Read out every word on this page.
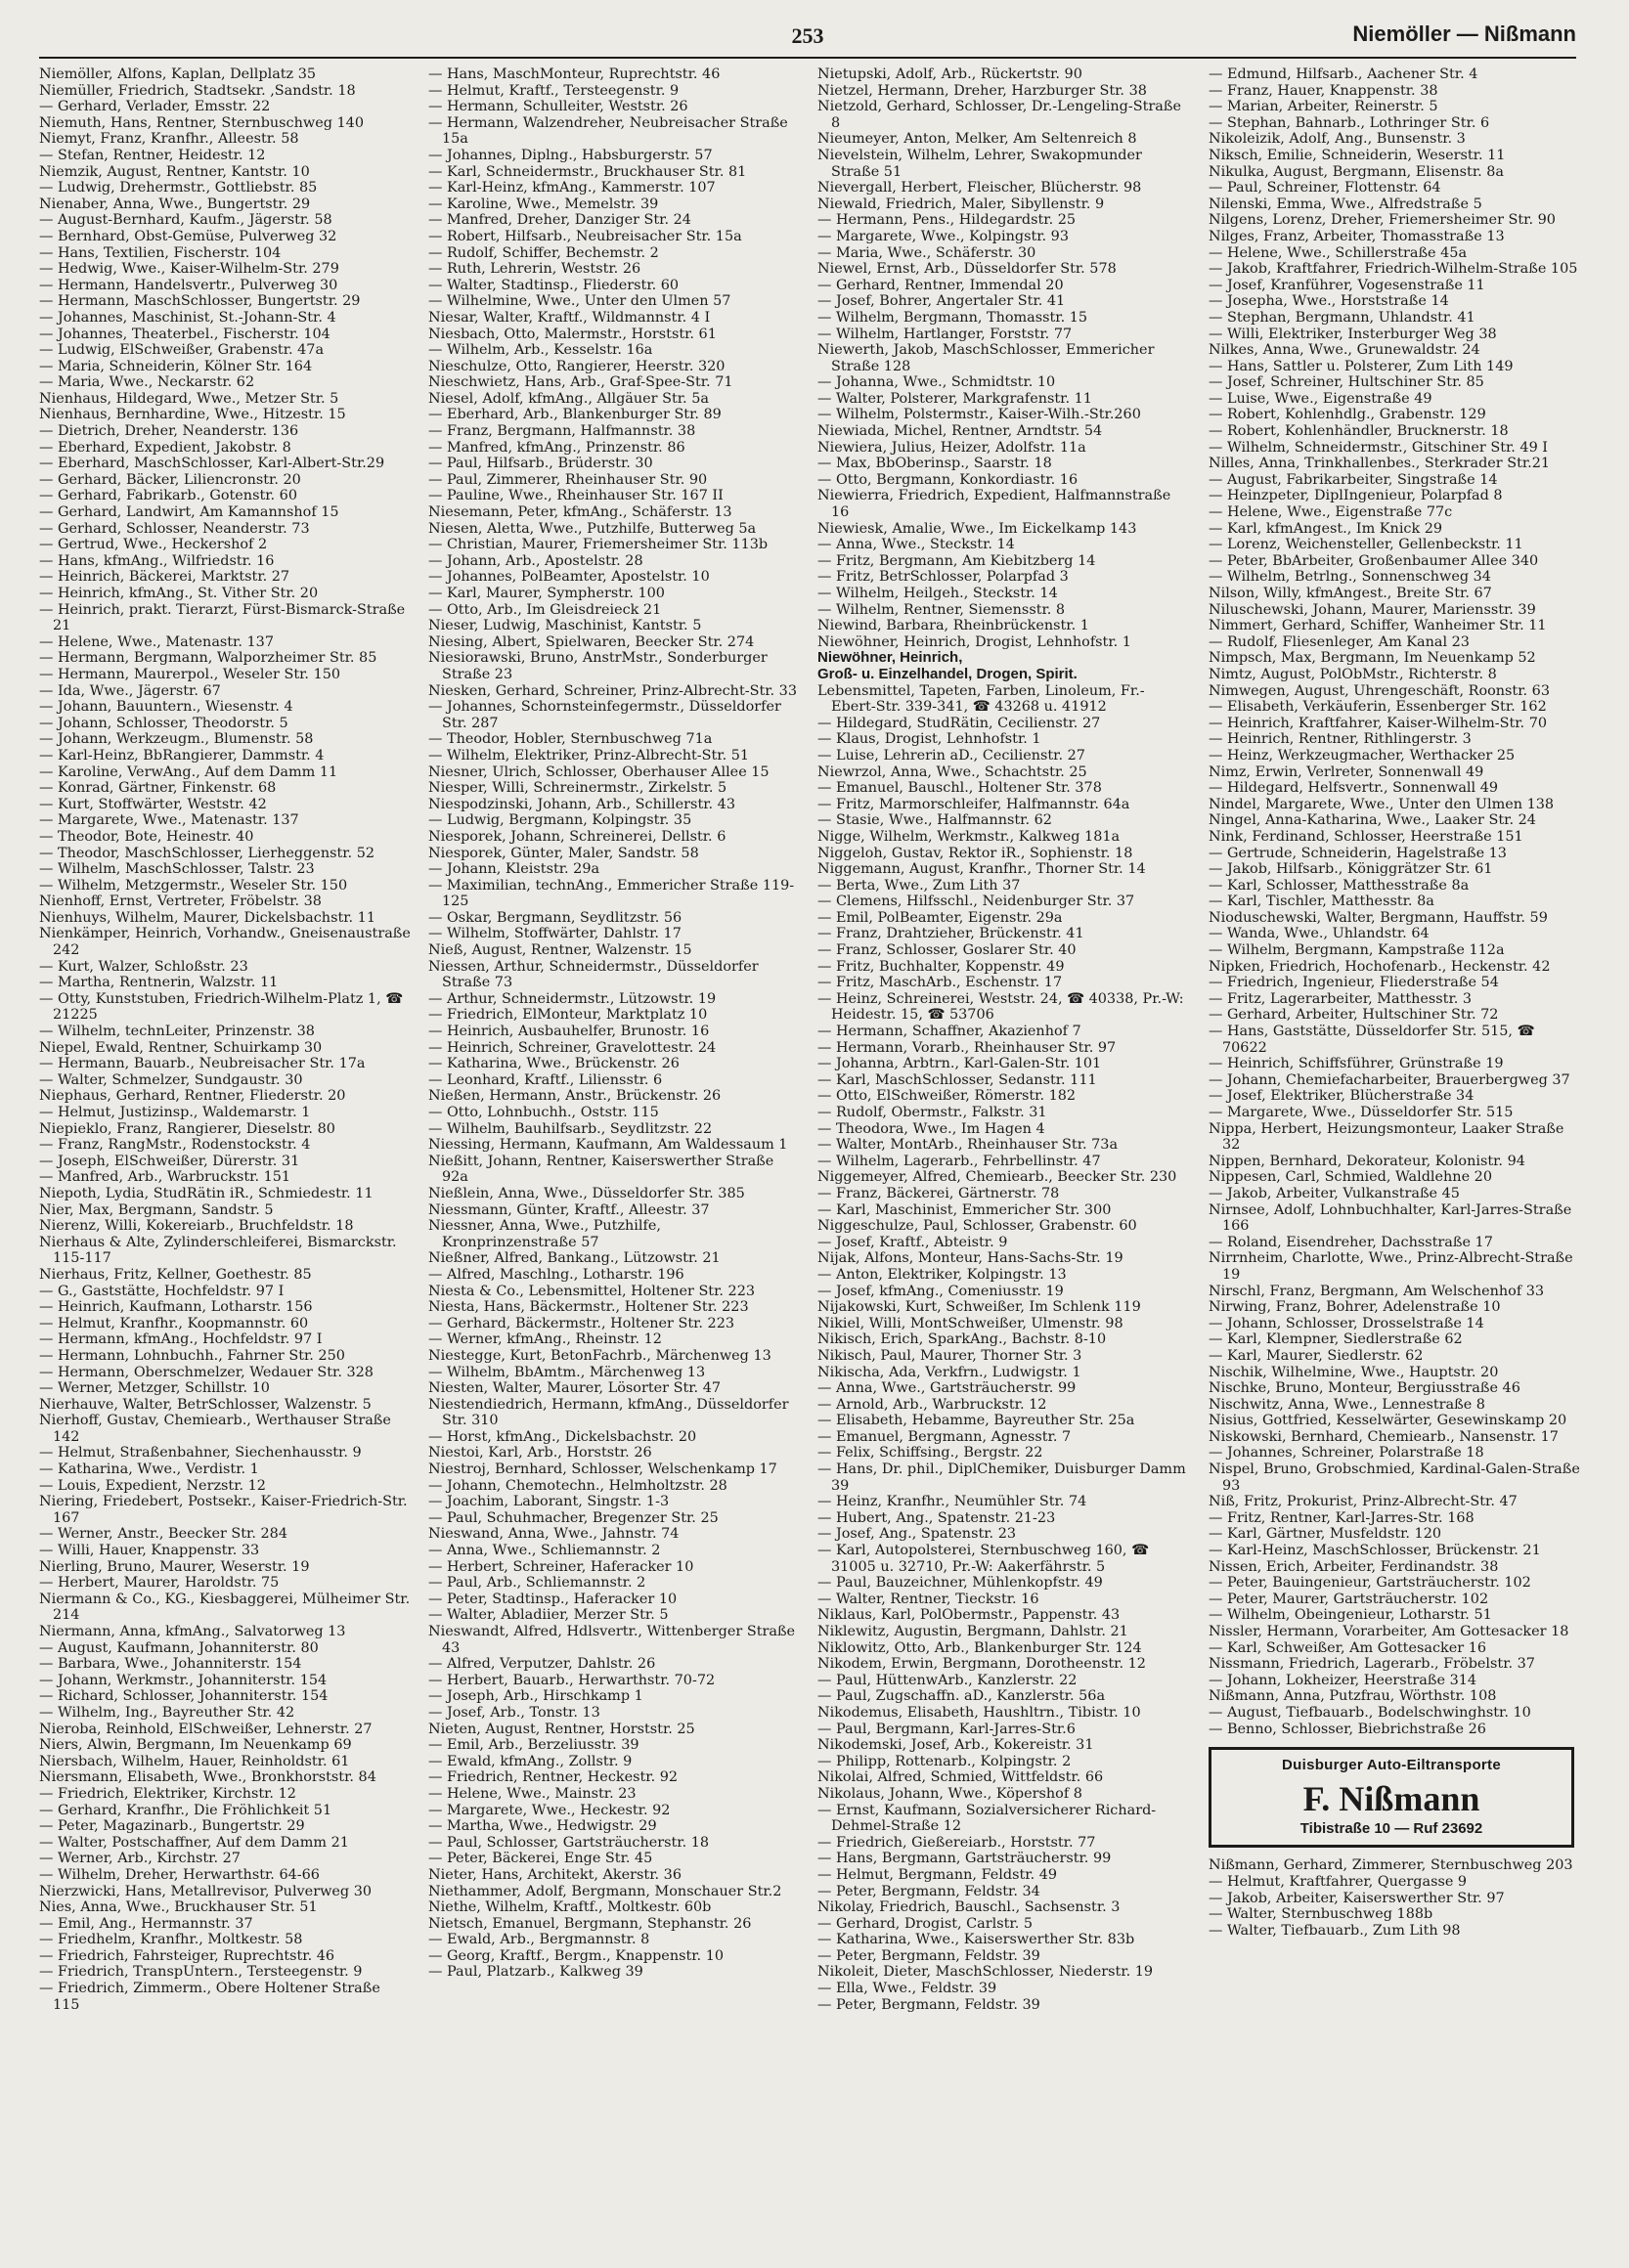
253	Niemöller — Nißmann

Niemöller, Alfons, Kaplan, Dellplatz 35

Niemüller, Friedrich, Stadtsekr. ,Sandstr. 18

— Gerhard, Verlader, Emsstr. 22

Niemuth, Hans, Rentner, Sternbuschweg 140

Niemyt, Franz, Kranfhr., Alleestr. 58

— Stefan, Rentner, Heidestr. 12

Niemzik, August, Rentner, Kantstr. 10

— Ludwig, Drehermstr., Gottliebstr. 85

Nienaber, Anna, Wwe., Bungertstr. 29

— August-Bernhard, Kaufm., Jägerstr. 58

— Bernhard, Obst-Gemüse, Pulverweg 32

— Hans, Textilien, Fischerstr. 104

— Hedwig, Wwe., Kaiser-Wilhelm-Str. 279

— Hermann, Handelsvertr., Pulverweg 30

— Hermann, MaschSchlosser, Bungertstr. 29

— Johannes, Maschinist, St.-Johann-Str. 4

— Johannes, Theaterbel., Fischerstr. 104

— Ludwig, ElSchweißer, Grabenstr. 47a

— Maria, Schneiderin, Kölner Str. 164

— Maria, Wwe., Neckarstr. 62

Nienhaus, Hildegard, Wwe., Metzer Str. 5

Nienhaus, Bernhardine, Wwe., Hitzestr. 15

— Dietrich, Dreher, Neanderstr. 136

— Eberhard, Expedient, Jakobstr. 8

— Eberhard, MaschSchlosser, Karl-Albert-Str.29

— Gerhard, Bäcker, Liliencronstr. 20

— Gerhard, Fabrikarb., Gotenstr. 60

— Gerhard, Landwirt, Am Kamannshof 15

— Gerhard, Schlosser, Neanderstr. 73

— Gertrud, Wwe., Heckershof 2

— Hans, kfmAng., Wilfriedstr. 16

— Heinrich, Bäckerei, Marktstr. 27

— Heinrich, kfmAng., St. Vither Str. 20

— Heinrich, prakt. Tierarzt, Fürst-Bismarck-Straße 21

— Helene, Wwe., Matenastr. 137

— Hermann, Bergmann, Walporzheimer Str. 85

— Hermann, Maurerpol., Weseler Str. 150

— Ida, Wwe., Jägerstr. 67

— Johann, Bauuntern., Wiesenstr. 4

— Johann, Schlosser, Theodorstr. 5

— Johann, Werkzeugm., Blumenstr. 58

— Karl-Heinz, BbRangierer, Dammstr. 4

— Karoline, VerwAng., Auf dem Damm 11

— Konrad, Gärtner, Finkenstr. 68

— Kurt, Stoffwärter, Weststr. 42

— Margarete, Wwe., Matenastr. 137

— Theodor, Bote, Heinestr. 40

— Theodor, MaschSchlosser, Lierheggenstr. 52

— Wilhelm, MaschSchlosser, Talstr. 23

— Wilhelm, Metzgermstr., Weseler Str. 150

Nienhoff, Ernst, Vertreter, Fröbelstr. 38

Nienhuys, Wilhelm, Maurer, Dickelsbachstr. 11

Nienkämper, Heinrich, Vorhandw., Gneisenaustraße 242

— Kurt, Walzer, Schloßstr. 23

— Martha, Rentnerin, Walzstr. 11

— Otty, Kunststuben, Friedrich-Wilhelm-Platz 1, ☎ 21225

— Wilhelm, technLeiter, Prinzenstr. 38

Niepel, Ewald, Rentner, Schuirkamp 30

— Hermann, Bauarb., Neubreisacher Str. 17a

— Walter, Schmelzer, Sundgaustr. 30

Niephaus, Gerhard, Rentner, Fliederstr. 20

— Helmut, Justizinsp., Waldemarstr. 1

Niepieklo, Franz, Rangierer, Dieselstr. 80

— Franz, RangMstr., Rodenstockstr. 4

— Joseph, ElSchweißer, Dürerstr. 31

— Manfred, Arb., Warbruckstr. 151

Niepoth, Lydia, StudRätin iR., Schmiedestr. 11

Nier, Max, Bergmann, Sandstr. 5

Nierenz, Willi, Kokereiarb., Bruchfeldstr. 18

Nierhaus & Alte, Zylinderschleiferei, Bismarckstr. 115-117

Nierhaus, Fritz, Kellner, Goethestr. 85

— G., Gaststätte, Hochfeldstr. 97 I

— Heinrich, Kaufmann, Lotharstr. 156

— Helmut, Kranfhr., Koopmannstr. 60

— Hermann, kfmAng., Hochfeldstr. 97 I

— Hermann, Lohnbuchh., Fahrner Str. 250

— Hermann, Oberschmelzer, Wedauer Str. 328

— Werner, Metzger, Schillstr. 10

Nierhauve, Walter, BetrSchlosser, Walzenstr. 5

Nierhoff, Gustav, Chemiearb., Werthauser Straße 142

— Helmut, Straßenbahner, Siechenhausstr. 9

— Katharina, Wwe., Verdistr. 1

— Louis, Expedient, Nerzstr. 12

Niering, Friedebert, Postsekr., Kaiser-Friedrich-Str. 167

— Werner, Anstr., Beecker Str. 284

— Willi, Hauer, Knappenstr. 33

Nierling, Bruno, Maurer, Weserstr. 19

— Herbert, Maurer, Haroldstr. 75

Niermann & Co., KG., Kiesbaggerei, Mülheimer Str. 214

Niermann, Anna, kfmAng., Salvatorweg 13

— August, Kaufmann, Johanniterstr. 80

— Barbara, Wwe., Johanniterstr. 154

— Johann, Werkmstr., Johanniterstr. 154

— Richard, Schlosser, Johanniterstr. 154

— Wilhelm, Ing., Bayreuther Str. 42

Nieroba, Reinhold, ElSchweißer, Lehnerstr. 27

Niers, Alwin, Bergmann, Im Neuenkamp 69

Niersbach, Wilhelm, Hauer, Reinholdstr. 61

Niersmann, Elisabeth, Wwe., Bronkhorststr. 84

— Friedrich, Elektriker, Kirchstr. 12

— Gerhard, Kranfhr., Die Fröhlichkeit 51

— Peter, Magazinarb., Bungertstr. 29

— Walter, Postschaffner, Auf dem Damm 21

— Werner, Arb., Kirchstr. 27

— Wilhelm, Dreher, Herwarthstr. 64-66

Nierzwicki, Hans, Metallrevisor, Pulverweg 30

Nies, Anna, Wwe., Bruckhauser Str. 51

— Emil, Ang., Hermannstr. 37

— Friedhelm, Kranfhr., Moltkestr. 58

— Friedrich, Fahrsteiger, Ruprechtstr. 46

— Friedrich, TranspUntern., Tersteegenstr. 9

— Friedrich, Zimmerm., Obere Holtener Straße 115

— Hans, MaschMonteur, Ruprechtstr. 46

— Helmut, Kraftf., Tersteegenstr. 9

— Hermann, Schulleiter, Weststr. 26

— Hermann, Walzendreher, Neubreisacher Straße 15a

— Johannes, Diplng., Habsburgerstr. 57

— Karl, Schneidermstr., Bruckhauser Str. 81

— Karl-Heinz, kfmAng., Kammerstr. 107

— Karoline, Wwe., Memelstr. 39

— Manfred, Dreher, Danziger Str. 24

— Robert, Hilfsarb., Neubreisacher Str. 15a

— Rudolf, Schiffer, Bechemstr. 2

— Ruth, Lehrerin, Weststr. 26

— Walter, Stadtinsp., Fliederstr. 60

— Wilhelmine, Wwe., Unter den Ulmen 57

Niesar, Walter, Kraftf., Wildmannstr. 4 I

Niesbach, Otto, Malermstr., Horststr. 61

— Wilhelm, Arb., Kesselstr. 16a

Nieschulze, Otto, Rangierer, Heerstr. 320

Nieschwietz, Hans, Arb., Graf-Spee-Str. 71

Niesel, Adolf, kfmAng., Allgäuer Str. 5a

— Eberhard, Arb., Blankenburger Str. 89

— Franz, Bergmann, Halfmannstr. 38

— Manfred, kfmAng., Prinzenstr. 86

— Paul, Hilfsarb., Brüderstr. 30

— Paul, Zimmerer, Rheinhauser Str. 90

— Pauline, Wwe., Rheinhauser Str. 167 II

Niesemann, Peter, kfmAng., Schäferstr. 13

Niesen, Aletta, Wwe., Putzhilfe, Butterweg 5a

— Christian, Maurer, Friemersheimer Str. 113b

— Johann, Arb., Apostelstr. 28

— Johannes, PolBeamter, Apostelstr. 10

— Karl, Maurer, Sympherstr. 100

— Otto, Arb., Im Gleisdreieck 21

Nieser, Ludwig, Maschinist, Kantstr. 5

Niesing, Albert, Spielwaren, Beecker Str. 274

Niesiorawski, Bruno, AnstrMstr., Sonderburger Straße 23

Niesken, Gerhard, Schreiner, Prinz-Albrecht-Str. 33

— Johannes, Schornsteinfegermstr., Düsseldorfer Str. 287

— Theodor, Hobler, Sternbuschweg 71a

— Wilhelm, Elektriker, Prinz-Albrecht-Str. 51

Niesner, Ulrich, Schlosser, Oberhauser Allee 15

Niesper, Willi, Schreinermstr., Zirkelstr. 5

Niespodzinski, Johann, Arb., Schillerstr. 43

— Ludwig, Bergmann, Kolpingstr. 35

Niesporek, Johann, Schreinerei, Dellstr. 6

Niesporek, Günter, Maler, Sandstr. 58

— Johann, Kleiststr. 29a

— Maximilian, technAng., Emmericher Straße 119-125

— Oskar, Bergmann, Seydlitzstr. 56

— Wilhelm, Stoffwärter, Dahlstr. 17

Nieß, August, Rentner, Walzenstr. 15

Niessen, Arthur, Schneidermstr., Düsseldorfer Straße 73

— Arthur, Schneidermstr., Lützowstr. 19

— Friedrich, ElMonteur, Marktplatz 10

— Heinrich, Ausbauhelfer, Brunostr. 16

— Heinrich, Schreiner, Gravelottestr. 24

— Katharina, Wwe., Brückenstr. 26

— Leonhard, Kraftf., Liliensstr. 6

Nießen, Hermann, Anstr., Brückenstr. 26

— Otto, Lohnbuchh., Oststr. 115

— Wilhelm, Bauhilfsarb., Seydlitzstr. 22

Niessing, Hermann, Kaufmann, Am Waldessaum 1

Nießitt, Johann, Rentner, Kaiserswerther Straße 92a

Nießlein, Anna, Wwe., Düsseldorfer Str. 385

Niessmann, Günter, Kraftf., Alleestr. 37

Niessner, Anna, Wwe., Putzhilfe, Kronprinzenstraße 57

Nießner, Alfred, Bankang., Lützowstr. 21

— Alfred, Maschlng., Lotharstr. 196

Niesta & Co., Lebensmittel, Holtener Str. 223

Niesta, Hans, Bäckermstr., Holtener Str. 223

— Gerhard, Bäckermstr., Holtener Str. 223

— Werner, kfmAng., Rheinstr. 12

Niestegge, Kurt, BetonFachrb., Märchenweg 13

— Wilhelm, BbAmtm., Märchenweg 13

Niesten, Walter, Maurer, Lösorter Str. 47

Niestendiedrich, Hermann, kfmAng., Düsseldorfer Str. 310

— Horst, kfmAng., Dickelsbachstr. 20

Niestoi, Karl, Arb., Horststr. 26

Niestroj, Bernhard, Schlosser, Welschenkamp 17

— Johann, Chemotechn., Helmholtzstr. 28

— Joachim, Laborant, Singstr. 1-3

— Paul, Schuhmacher, Bregenzer Str. 25

Nieswand, Anna, Wwe., Jahnstr. 74

— Anna, Wwe., Schliemannstr. 2

— Herbert, Schreiner, Haferacker 10

— Paul, Arb., Schliemannstr. 2

— Peter, Stadtinsp., Haferacker 10

— Walter, Abladiier, Merzer Str. 5

Nieswandt, Alfred, Hdlsvertr., Wittenberger Straße 43

— Alfred, Verputzer, Dahlstr. 26

— Herbert, Bauarb., Herwarthstr. 70-72

— Joseph, Arb., Hirschkamp 1

— Josef, Arb., Tonstr. 13

Nieten, August, Rentner, Horststr. 25

— Emil, Arb., Berzeliusstr. 39

— Ewald, kfmAng., Zollstr. 9

— Friedrich, Rentner, Heckestr. 92

— Helene, Wwe., Mainstr. 23

— Margarete, Wwe., Heckestr. 92

— Martha, Wwe., Hedwigstr. 29

— Paul, Schlosser, Gartsträucherstr. 18

— Peter, Bäckerei, Enge Str. 45

Nieter, Hans, Architekt, Akerstr. 36

Niethammer, Adolf, Bergmann, Monschauer Str.2

Niethe, Wilhelm, Kraftf., Moltkestr. 60b

Nietsch, Emanuel, Bergmann, Stephanstr. 26

— Ewald, Arb., Bergmannstr. 8

— Georg, Kraftf., Bergm., Knappenstr. 10

— Paul, Platzarb., Kalkweg 39

Nietupski, Adolf, Arb., Rückertstr. 90

Nietzel, Hermann, Dreher, Harzburger Str. 38

Nietzold, Gerhard, Schlosser, Dr.-Lengeling-Straße 8

Nieumeyer, Anton, Melker, Am Seltenreich 8

Nievelstein, Wilhelm, Lehrer, Swakopmunder Straße 51

Nievergall, Herbert, Fleischer, Blücherstr. 98

Niewald, Friedrich, Maler, Sibyllenstr. 9

— Hermann, Pens., Hildegardstr. 25

— Margarete, Wwe., Kolpingstr. 93

— Maria, Wwe., Schäferstr. 30

Niewel, Ernst, Arb., Düsseldorfer Str. 578

— Gerhard, Rentner, Immendal 20

— Josef, Bohrer, Angertaler Str. 41

— Wilhelm, Bergmann, Thomasstr. 15

— Wilhelm, Hartlanger, Forststr. 77

Niewerth, Jakob, MaschSchlosser, Emmericher Straße 128

— Johanna, Wwe., Schmidtstr. 10

— Walter, Polsterer, Markgrafenstr. 11

— Wilhelm, Polstermstr., Kaiser-Wilh.-Str.260

Niewiada, Michel, Rentner, Arndtstr. 54

Niewiera, Julius, Heizer, Adolfstr. 11a

— Max, BbOberinsp., Saarstr. 18

— Otto, Bergmann, Konkordiastr. 16

Niewierra, Friedrich, Expedient, Halfmannstraße 16

Niewiesk, Amalie, Wwe., Im Eickelkamp 143

— Anna, Wwe., Steckstr. 14

— Fritz, Bergmann, Am Kiebitzberg 14

— Fritz, BetrSchlosser, Polarpfad 3

— Wilhelm, Heilgeh., Steckstr. 14

— Wilhelm, Rentner, Siemensstr. 8

Niewind, Barbara, Rheinbrückenstr. 1

Niewöhner, Heinrich, Drogist, Lehnhofstr. 1

Niewöhner, Heinrich,

Groß- u. Einzelhandel, Drogen, Spirit.

Lebensmittel, Tapeten, Farben, Linoleum, Fr.-Ebert-Str. 339-341, ☎ 43268 u. 41912

— Hildegard, StudRätin, Cecilienstr. 27

— Klaus, Drogist, Lehnhofstr. 1

— Luise, Lehrerin aD., Cecilienstr. 27

Niewrzol, Anna, Wwe., Schachtstr. 25

— Emanuel, Bauschl., Holtener Str. 378

— Fritz, Marmorschleifer, Halfmannstr. 64a

— Stasie, Wwe., Halfmannstr. 62

Nigge, Wilhelm, Werkmstr., Kalkweg 181a

Niggeloh, Gustav, Rektor iR., Sophienstr. 18

Niggemann, August, Kranfhr., Thorner Str. 14

— Berta, Wwe., Zum Lith 37

— Clemens, Hilfsschl., Neidenburger Str. 37

— Emil, PolBeamter, Eigenstr. 29a

— Franz, Drahtzieher, Brückenstr. 41

— Franz, Schlosser, Goslarer Str. 40

— Fritz, Buchhalter, Koppenstr. 49

— Fritz, MaschArb., Eschenstr. 17

— Heinz, Schreinerei, Weststr. 24, ☎ 40338, Pr.-W: Heidestr. 15, ☎ 53706

— Hermann, Schaffner, Akazienhof 7

— Hermann, Vorarb., Rheinhauser Str. 97

— Johanna, Arbtrn., Karl-Galen-Str. 101

— Karl, MaschSchlosser, Sedanstr. 111

— Otto, ElSchweißer, Römerstr. 182

— Rudolf, Obermstr., Falkstr. 31

— Theodora, Wwe., Im Hagen 4

— Walter, MontArb., Rheinhauser Str. 73a

— Wilhelm, Lagerarb., Fehrbellinstr. 47

Niggemeyer, Alfred, Chemiearb., Beecker Str. 230

— Franz, Bäckerei, Gärtnerstr. 78

— Karl, Maschinist, Emmericher Str. 300

Niggeschulze, Paul, Schlosser, Grabenstr. 60

— Josef, Kraftf., Abteistr. 9

Nijak, Alfons, Monteur, Hans-Sachs-Str. 19

— Anton, Elektriker, Kolpingstr. 13

— Josef, kfmAng., Comeniusstr. 19

Nijakowski, Kurt, Schweißer, Im Schlenk 119

Nikiel, Willi, MontSchweißer, Ulmenstr. 98

Nikisch, Erich, SparkAng., Bachstr. 8-10

Nikisch, Paul, Maurer, Thorner Str. 3

Nikischa, Ada, Verkfrn., Ludwigstr. 1

— Anna, Wwe., Gartsträucherstr. 99

— Arnold, Arb., Warbruckstr. 12

— Elisabeth, Hebamme, Bayreuther Str. 25a

— Emanuel, Bergmann, Agnesstr. 7

— Felix, Schiffsing., Bergstr. 22

— Hans, Dr. phil., DiplChemiker, Duisburger Damm 39

— Heinz, Kranfhr., Neumühler Str. 74

— Hubert, Ang., Spatenstr. 21-23

— Josef, Ang., Spatenstr. 23

— Karl, Autopolsterei, Sternbuschweg 160, ☎ 31005 u. 32710, Pr.-W: Aakerfährstr. 5

— Paul, Bauzeichner, Mühlenkopfstr. 49

— Walter, Rentner, Tieckstr. 16

Niklaus, Karl, PolObermstr., Pappenstr. 43

Niklewitz, Augustin, Bergmann, Dahlstr. 21

Niklowitz, Otto, Arb., Blankenburger Str. 124

Nikodem, Erwin, Bergmann, Dorotheenstr. 12

— Paul, HüttenwArb., Kanzlerstr. 22

— Paul, Zugschaffn. aD., Kanzlerstr. 56a

Nikodemus, Elisabeth, Haushltrn., Tibistr. 10

— Paul, Bergmann, Karl-Jarres-Str.6

Nikodemski, Josef, Arb., Kokereistr. 31

— Philipp, Rottenarb., Kolpingstr. 2

Nikolai, Alfred, Schmied, Wittfeldstr. 66

Nikolaus, Johann, Wwe., Köpershof 8

— Ernst, Kaufmann, Sozialversicherer Richard-Dehmel-Straße 12

— Friedrich, Gießereiarb., Horststr. 77

— Hans, Bergmann, Gartsträucherstr. 99

— Helmut, Bergmann, Feldstr. 49

— Peter, Bergmann, Feldstr. 34

Nikolay, Friedrich, Bauschl., Sachsenstr. 3

— Gerhard, Drogist, Carlstr. 5

— Katharina, Wwe., Kaiserswerther Str. 83b

— Peter, Bergmann, Feldstr. 39

Nikoleit, Dieter, MaschSchlosser, Niederstr. 19

— Ella, Wwe., Feldstr. 39

— Peter, Bergmann, Feldstr. 39

— Edmund, Hilfsarb., Aachener Str. 4

— Franz, Hauer, Knappenstr. 38

— Marian, Arbeiter, Reinerstr. 5

— Stephan, Bahnarb., Lothringer Str. 6

Nikoleizik, Adolf, Ang., Bunsenstr. 3

Niksch, Emilie, Schneiderin, Weserstr. 11

Nikulka, August, Bergmann, Elisenstr. 8a

— Paul, Schreiner, Flottenstr. 64

Nilenski, Emma, Wwe., Alfredstraße 5

Nilgens, Lorenz, Dreher, Friemersheimer Str. 90

Nilges, Franz, Arbeiter, Thomasstraße 13

— Helene, Wwe., Schillerstraße 45a

— Jakob, Kraftfahrer, Friedrich-Wilhelm-Straße 105

— Josef, Kranführer, Vogesenstraße 11

— Josepha, Wwe., Horststraße 14

— Stephan, Bergmann, Uhlandstr. 41

— Willi, Elektriker, Insterburger Weg 38

Nilkes, Anna, Wwe., Grunewaldstr. 24

— Hans, Sattler u. Polsterer, Zum Lith 149

— Josef, Schreiner, Hultschiner Str. 85

— Luise, Wwe., Eigenstraße 49

— Robert, Kohlenhdlg., Grabenstr. 129

— Robert, Kohlenhändler, Brucknerstr. 18

— Wilhelm, Schneidermstr., Gitschiner Str. 49 I

Nilles, Anna, Trinkhallenbes., Sterkrader Str.21

— August, Fabrikarbeiter, Singstraße 14

— Heinzpeter, DiplIngenieur, Polarpfad 8

— Helene, Wwe., Eigenstraße 77c

— Karl, kfmAngest., Im Knick 29

— Lorenz, Weichensteller, Gellenbeckstr. 11

— Peter, BbArbeiter, Großenbaumer Allee 340

— Wilhelm, Betrlng., Sonnenschweg 34

Nilson, Willy, kfmAngest., Breite Str. 67

Niluschewski, Johann, Maurer, Mariensstr. 39

Nimmert, Gerhard, Schiffer, Wanheimer Str. 11

— Rudolf, Fliesenleger, Am Kanal 23

Nimpsch, Max, Bergmann, Im Neuenkamp 52

Nimtz, August, PolObMstr., Richterstr. 8

Nimwegen, August, Uhrengeschäft, Roonstr. 63

— Elisabeth, Verkäuferin, Essenberger Str. 162

— Heinrich, Kraftfahrer, Kaiser-Wilhelm-Str. 70

— Heinrich, Rentner, Rithlingerstr. 3

— Heinz, Werkzeugmacher, Werthacker 25

Nimz, Erwin, Verlreter, Sonnenwall 49

— Hildegard, Helfsvertr., Sonnenwall 49

Nindel, Margarete, Wwe., Unter den Ulmen 138

Ningel, Anna-Katharina, Wwe., Laaker Str. 24

Nink, Ferdinand, Schlosser, Heerstraße 151

— Gertrude, Schneiderin, Hagelstraße 13

— Jakob, Hilfsarb., Königgrätzer Str. 61

— Karl, Schlosser, Matthesstraße 8a

— Karl, Tischler, Matthesstr. 8a

Nioduschewski, Walter, Bergmann, Hauffstr. 59

— Wanda, Wwe., Uhlandstr. 64

— Wilhelm, Bergmann, Kampstraße 112a

Nipken, Friedrich, Hochofenarb., Heckenstr. 42

— Friedrich, Ingenieur, Fliederstraße 54

— Fritz, Lagerarbeiter, Matthesstr. 3

— Gerhard, Arbeiter, Hultschiner Str. 72

— Hans, Gaststätte, Düsseldorfer Str. 515, ☎ 70622

— Heinrich, Schiffsführer, Grünstraße 19

— Johann, Chemiefacharbeiter, Brauerbergweg 37

— Josef, Elektriker, Blücherstraße 34

— Margarete, Wwe., Düsseldorfer Str. 515

Nippa, Herbert, Heizungsmonteur, Laaker Straße 32

Nippen, Bernhard, Dekorateur, Kolonistr. 94

Nippesen, Carl, Schmied, Waldlehne 20

— Jakob, Arbeiter, Vulkanstraße 45

Nirnsee, Adolf, Lohnbuchhalter, Karl-Jarres-Straße 166

— Roland, Eisendreher, Dachsstraße 17

Nirrnheim, Charlotte, Wwe., Prinz-Albrecht-Straße 19

Nirschl, Franz, Bergmann, Am Welschenhof 33

Nirwing, Franz, Bohrer, Adelenstraße 10

— Johann, Schlosser, Drosselstraße 14

— Karl, Klempner, Siedlerstraße 62

— Karl, Maurer, Siedlerstr. 62

Nischik, Wilhelmine, Wwe., Hauptstr. 20

Nischke, Bruno, Monteur, Bergiusstraße 46

Nischwitz, Anna, Wwe., Lennestraße 8

Nisius, Gottfried, Kesselwärter, Gesewinskamp 20

Niskowski, Bernhard, Chemiearb., Nansenstr. 17

— Johannes, Schreiner, Polarstraße 18

Nispel, Bruno, Grobschmied, Kardinal-Galen-Straße 93

Niß, Fritz, Prokurist, Prinz-Albrecht-Str. 47

— Fritz, Rentner, Karl-Jarres-Str. 168

— Karl, Gärtner, Musfeldstr. 120

— Karl-Heinz, MaschSchlosser, Brückenstr. 21

Nissen, Erich, Arbeiter, Ferdinandstr. 38

— Peter, Bauingenieur, Gartsträucherstr. 102

— Peter, Maurer, Gartsträucherstr. 102

— Wilhelm, Obeingenieur, Lotharstr. 51

Nissler, Hermann, Vorarbeiter, Am Gottesacker 18

— Karl, Schweißer, Am Gottesacker 16

Nissmann, Friedrich, Lagerarb., Fröbelstr. 37

— Johann, Lokheizer, Heerstraße 314

Nißmann, Anna, Putzfrau, Wörthstr. 108

— August, Tiefbauarb., Bodelschwinghstr. 10

— Benno, Schlosser, Biebrichstraße 26

Duisburger Auto-Eiltransporte
F. Nißmann
Tibistraße 10 — Ruf 23692

Nißmann, Gerhard, Zimmerer, Sternbuschweg 203

— Helmut, Kraftfahrer, Quergasse 9

— Jakob, Arbeiter, Kaiserswerther Str. 97

— Walter, Sternbuschweg 188b

— Walter, Tiefbauarb., Zum Lith 98
